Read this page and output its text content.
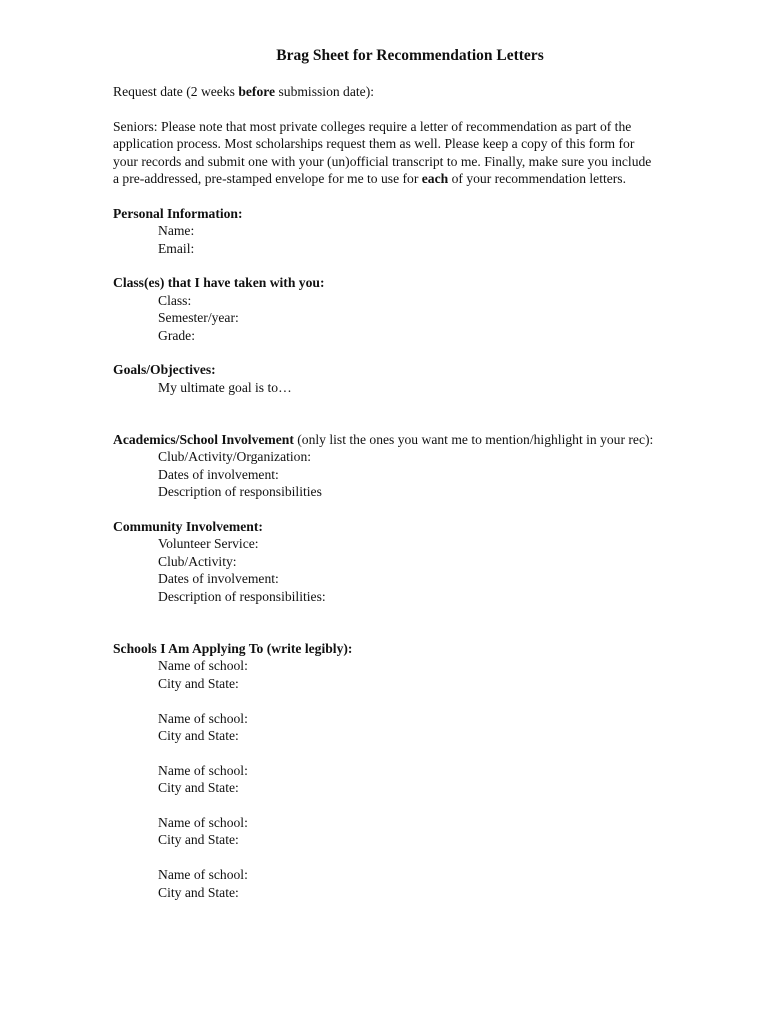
Brag Sheet for Recommendation Letters
Request date (2 weeks before submission date):
Seniors: Please note that most private colleges require a letter of recommendation as part of the
application process. Most scholarships request them as well. Please keep a copy of this form for
your records and submit one with your (un)official transcript to me. Finally, make sure you include
a pre-addressed, pre-stamped envelope for me to use for each of your recommendation letters.
Personal Information:
Name:
Email:
Class(es) that I have taken with you:
Class:
Semester/year:
Grade:
Goals/Objectives:
My ultimate goal is to…
Academics/School Involvement (only list the ones you want me to mention/highlight in your rec):
Club/Activity/Organization:
Dates of involvement:
Description of responsibilities
Community Involvement:
Volunteer Service:
Club/Activity:
Dates of involvement:
Description of responsibilities:
Schools I Am Applying To (write legibly):
Name of school:
City and State:
Name of school:
City and State:
Name of school:
City and State:
Name of school:
City and State:
Name of school:
City and State:
